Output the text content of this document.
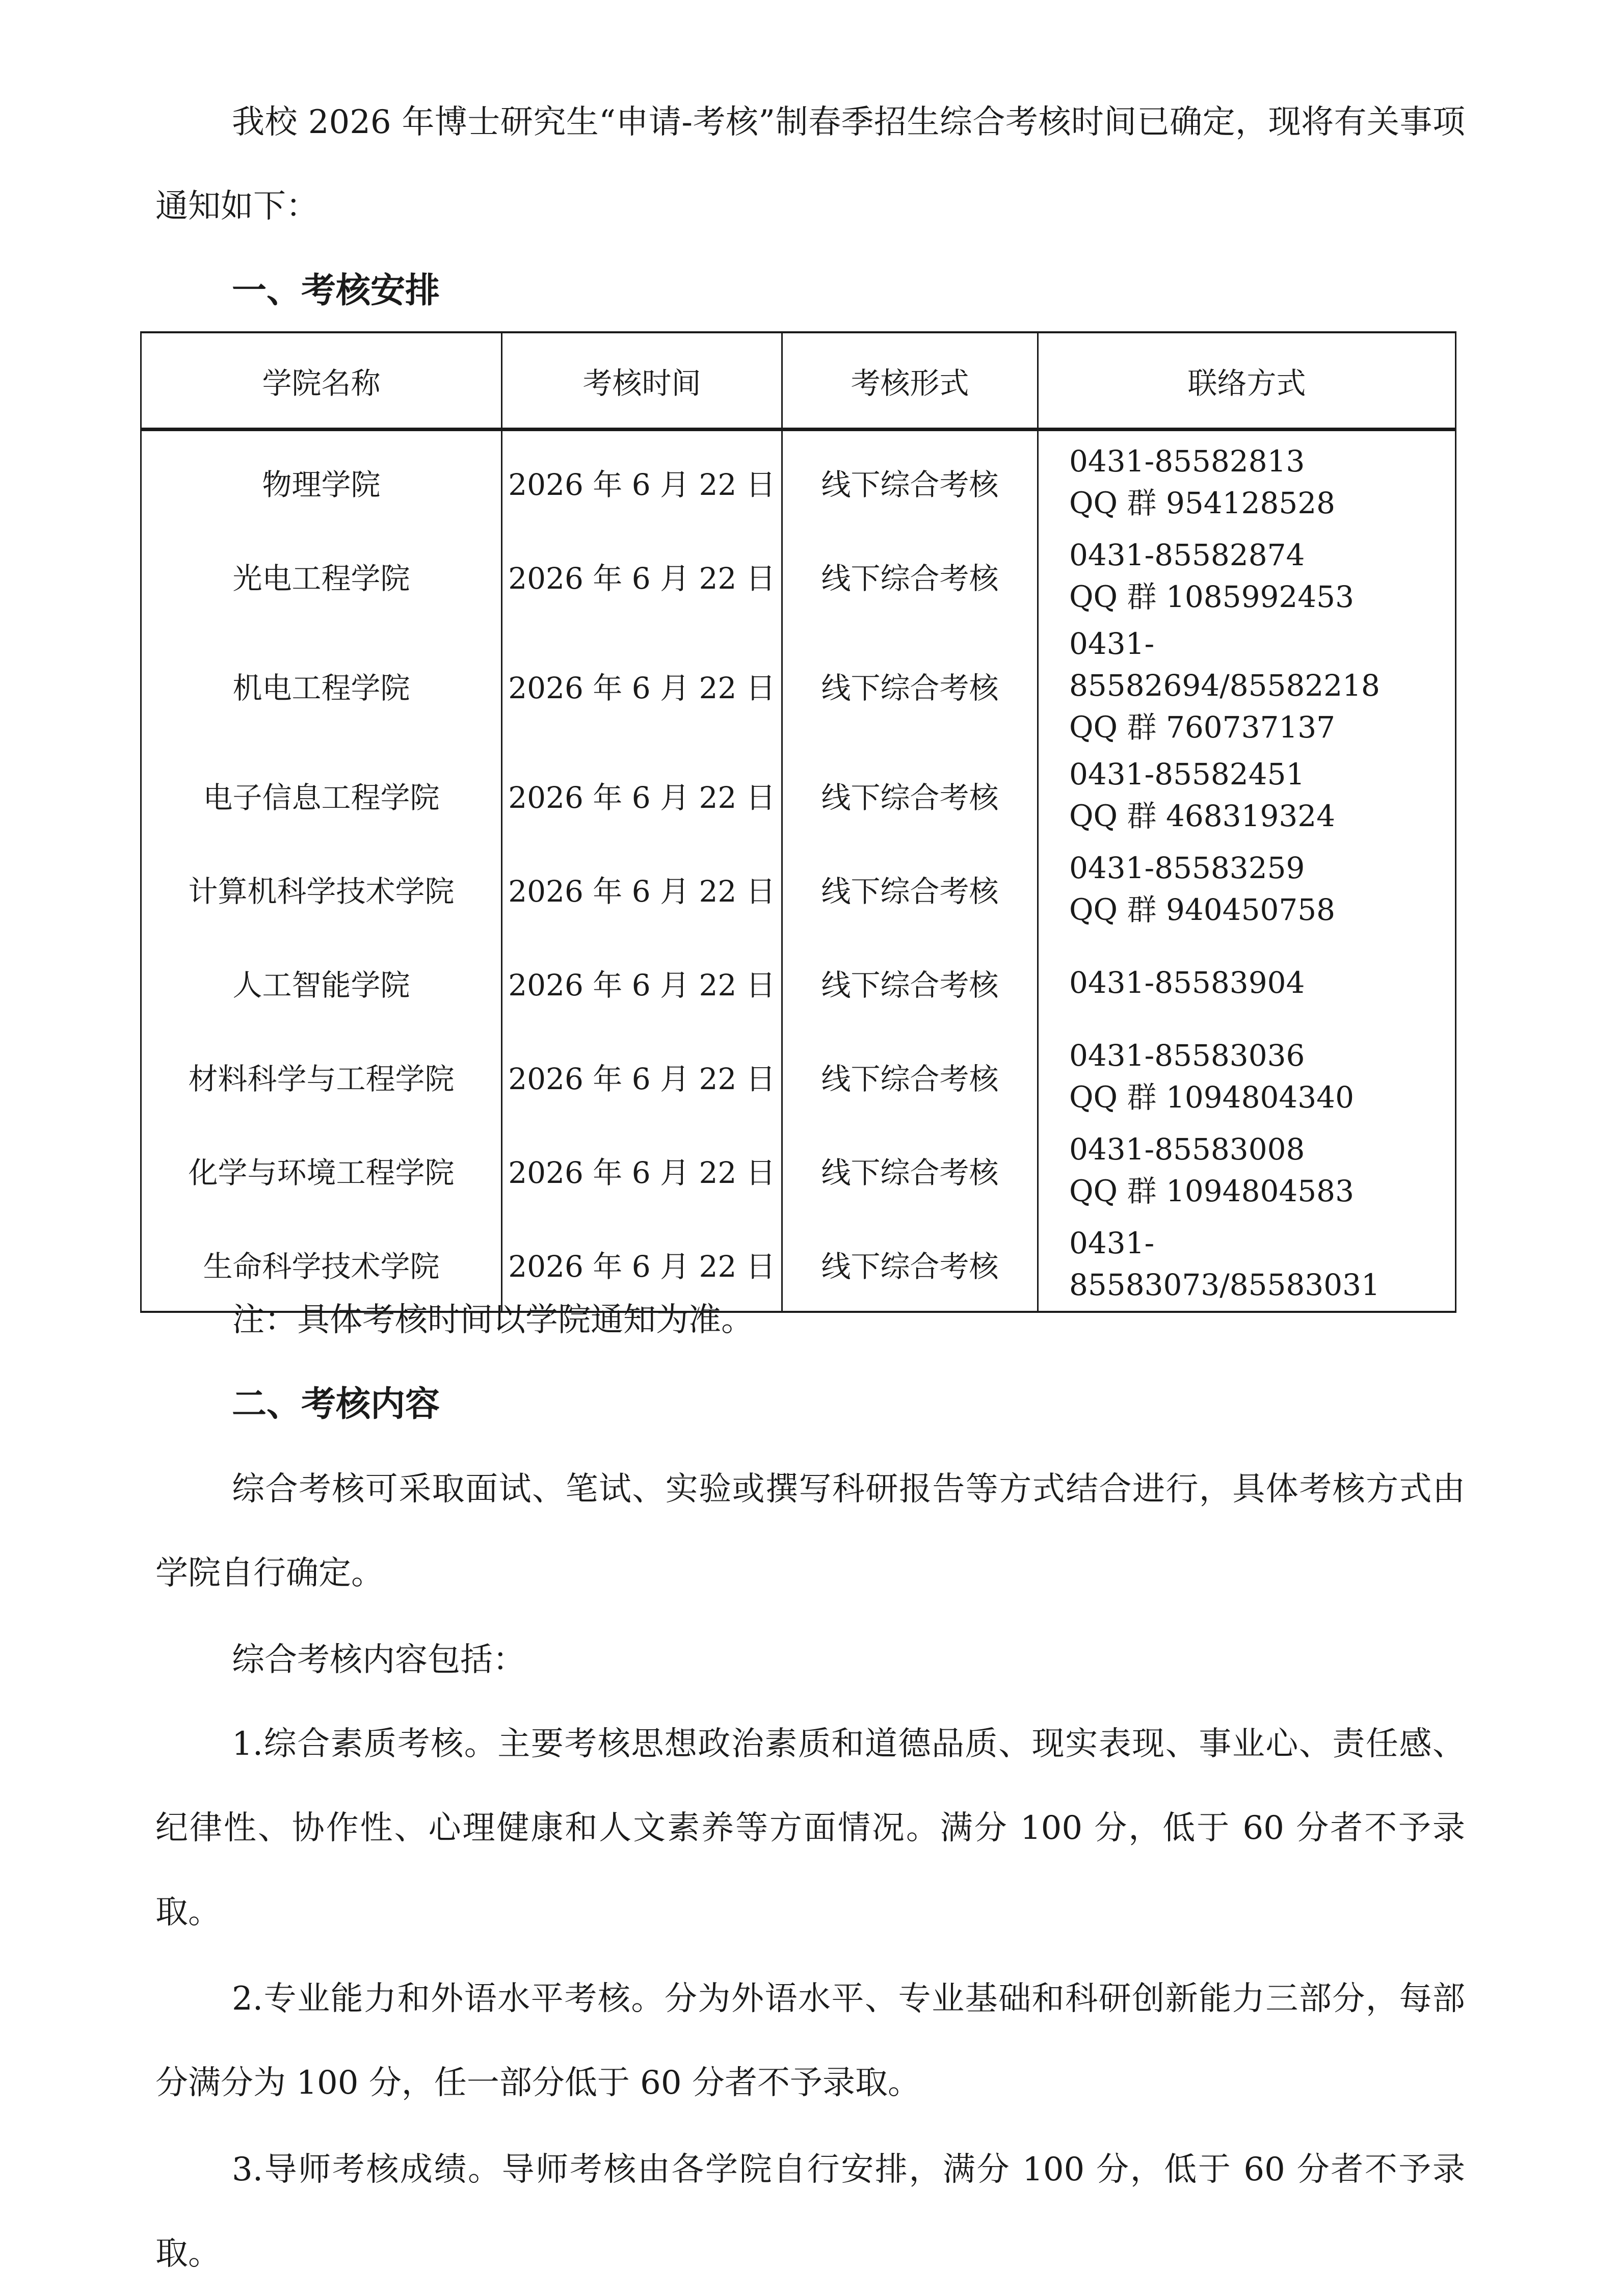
我校 2026 年博士研究生“申请-考核”制春季招生综合考核时间已确定，现将有关事项通知如下：

一、考核安排

学院名称	考核时间	考核形式	联络方式
物理学院	2026 年 6 月 22 日	线下综合考核	0431-85582813
QQ 群 954128528

光电工程学院	2026 年 6 月 22 日	线下综合考核	0431-85582874
QQ 群 1085992453

机电工程学院	2026 年 6 月 22 日	线下综合考核	0431-85582694/85582218
QQ 群 760737137

电子信息工程学院	2026 年 6 月 22 日	线下综合考核	0431-85582451
QQ 群 468319324

计算机科学技术学院	2026 年 6 月 22 日	线下综合考核	0431-85583259
QQ 群 940450758

人工智能学院	2026 年 6 月 22 日	线下综合考核	0431-85583904

材料科学与工程学院	2026 年 6 月 22 日	线下综合考核	0431-85583036
QQ 群 1094804340

化学与环境工程学院	2026 年 6 月 22 日	线下综合考核	0431-85583008
QQ 群 1094804583

生命科学技术学院	2026 年 6 月 22 日	线下综合考核	0431-85583073/85583031

注：具体考核时间以学院通知为准。

二、考核内容

综合考核可采取面试、笔试、实验或撰写科研报告等方式结合进行，具体考核方式由学院自行确定。

综合考核内容包括：

1.综合素质考核。主要考核思想政治素质和道德品质、现实表现、事业心、责任感、纪律性、协作性、心理健康和人文素养等方面情况。满分 100 分，低于 60 分者不予录取。

2.专业能力和外语水平考核。分为外语水平、专业基础和科研创新能力三部分，每部分满分为 100 分，任一部分低于 60 分者不予录取。

3.导师考核成绩。导师考核由各学院自行安排，满分 100 分，低于 60 分者不予录取。
